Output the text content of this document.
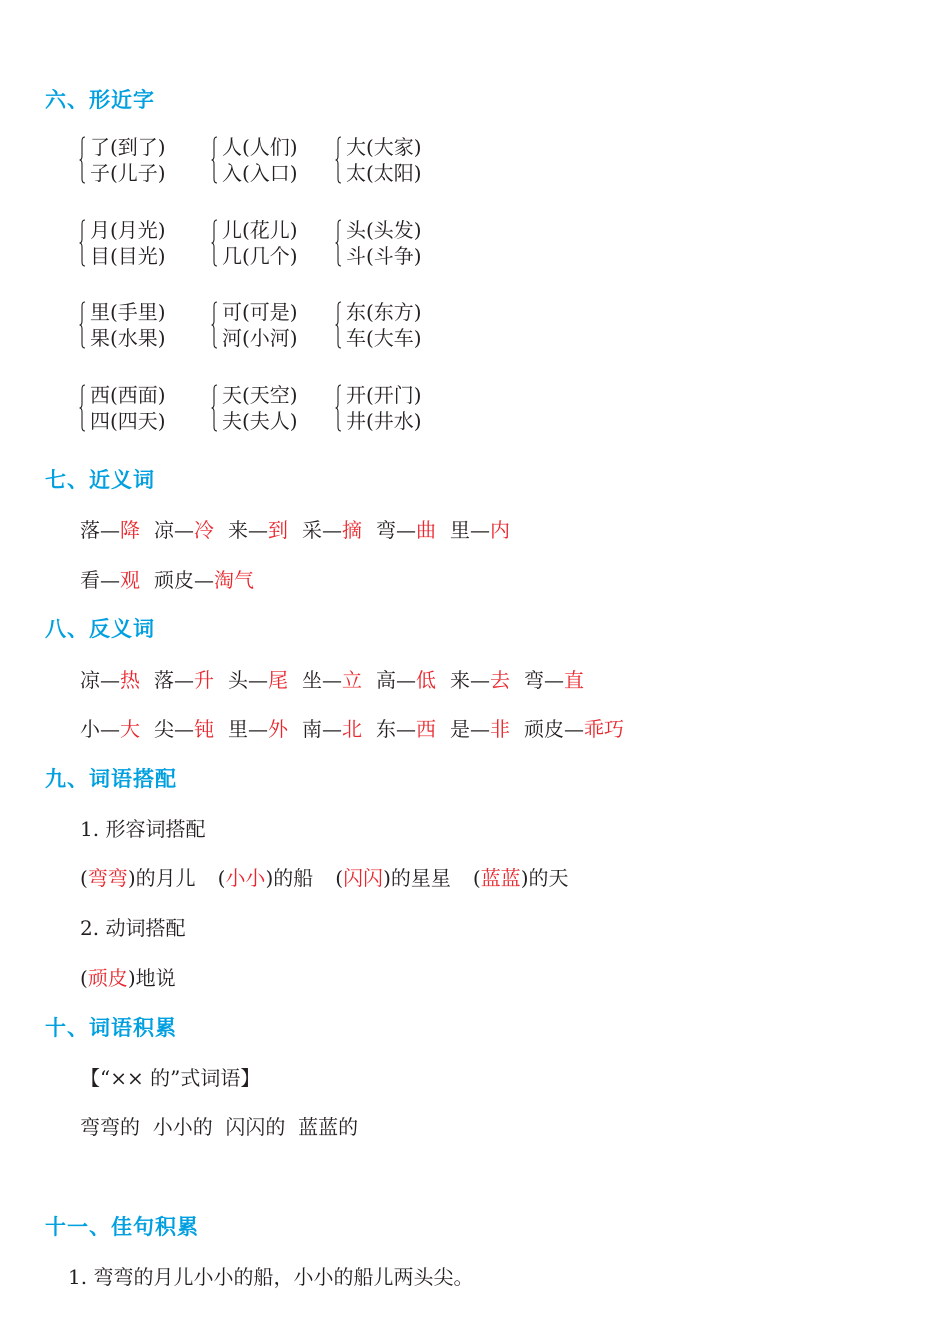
六、形近字
了(到了)
子(儿子)
人(人们)
入(入口)
大(大家)
太(太阳)
月(月光)
目(目光)
儿(花儿)
几(几个)
头(头发)
斗(斗争)
里(手里)
果(水果)
可(可是)
河(小河)
东(东方)
车(大车)
西(西面)
四(四天)
天(天空)
夫(夫人)
开(开门)
井(井水)
七、近义词
落—降 凉—冷 来—到 采—摘 弯—曲 里—内
看—观 顽皮—淘气
八、反义词
凉—热 落—升 头—尾 坐—立 高—低 来—去 弯—直
小—大 尖—钝 里—外 南—北 东—西 是—非 顽皮—乖巧
九、词语搭配
1. 形容词搭配
(弯弯)的月儿 (小小)的船 (闪闪)的星星 (蓝蓝)的天
2. 动词搭配
(顽皮)地说
十、词语积累
【“×× 的”式词语】
弯弯的  小小的  闪闪的  蓝蓝的
十一、佳句积累
1. 弯弯的月儿小小的船，小小的船儿两头尖。
